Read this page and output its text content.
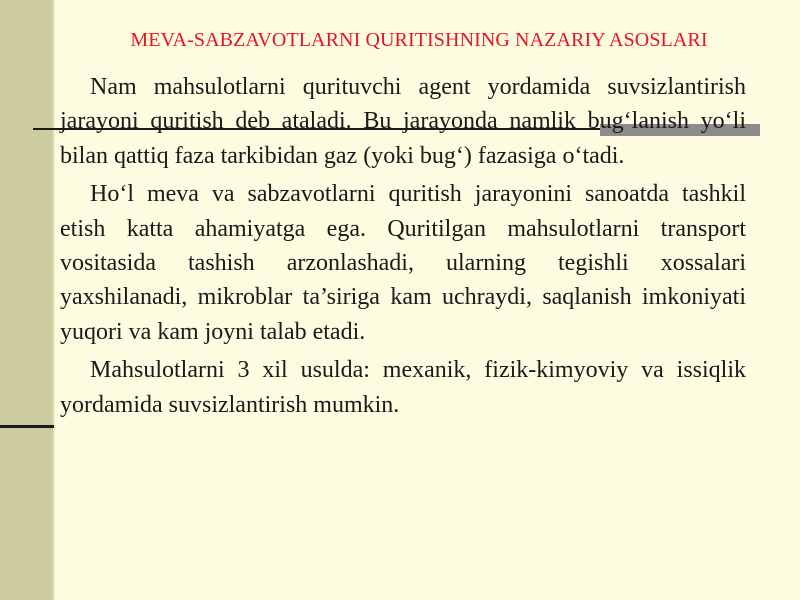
MEVA-SABZAVOTLARNI QURITISHNING NAZARIY ASOSLARI

Nam mahsulotlarni qurituvchi agent yordamida suvsizlantirish jarayoni quritish deb ataladi. Bu jarayonda namlik bug‘lanish yo‘li bilan qattiq faza tarkibidan gaz (yoki bug‘) fazasiga o‘tadi.

Ho‘l meva va sabzavotlarni quritish jarayonini sanoatda tashkil etish katta ahamiyatga ega. Quritilgan mahsulotlarni transport vositasida tashish arzonlashadi, ularning tegishli xossalari yaxshilanadi, mikroblar ta’siriga kam uchraydi, saqlanish imkoniyati yuqori va kam joyni talab etadi.

Mahsulotlarni 3 xil usulda: mexanik, fizik-kimyoviy va issiqlik yordamida suvsizlantirish mumkin.
